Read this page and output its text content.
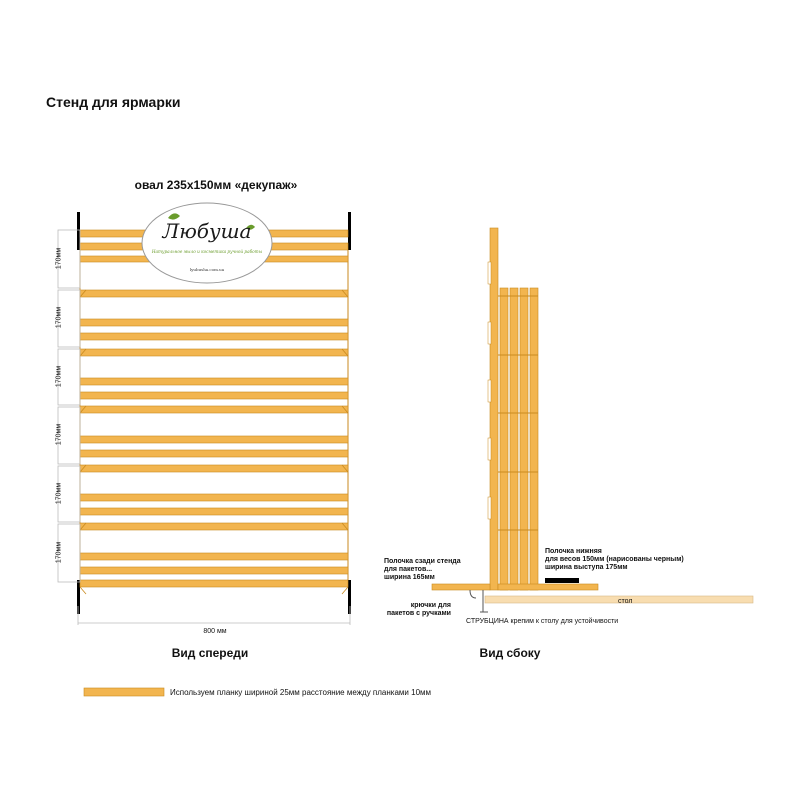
Стенд для ярмарки
овал 235х150мм «декупаж»
Любуша
Натуральное мыло и косметика ручной работы
lyubusha.com.ua
170мм
170мм
170мм
170мм
170мм
170мм
800 мм
Вид спереди	Вид сбоку
Полочка сзади стенда
для пакетов...
ширина 165мм
Полочка нижняя
для весов 150мм (нарисованы черным)
ширина выступа 175мм
крючки для
пакетов с ручками
стол
СТРУБЦИНА крепим к столу для устойчивости
Используем планку шириной 25мм расстояние между планками 10мм
